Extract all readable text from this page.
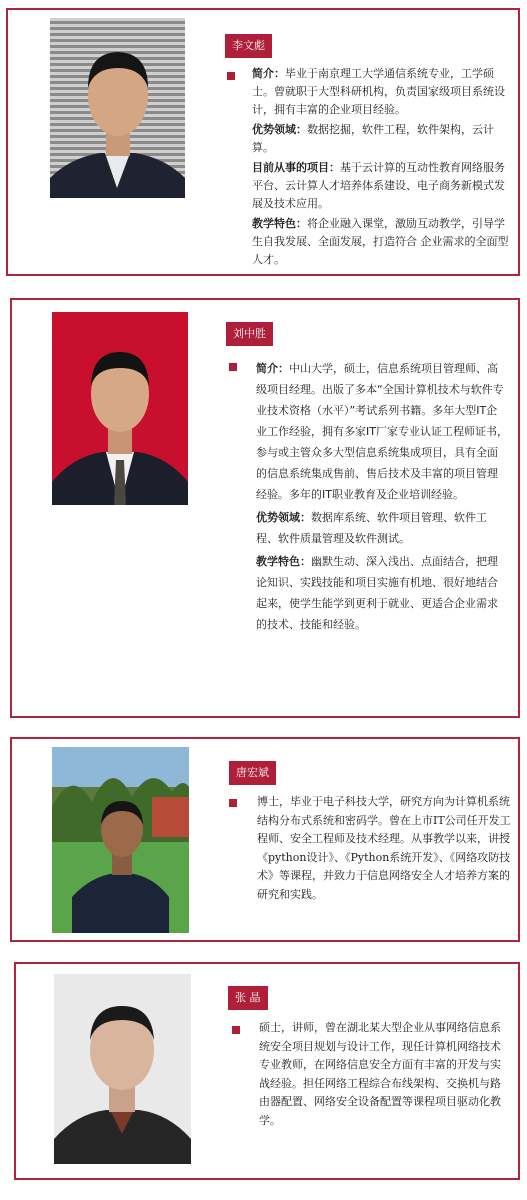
李文彪

简介：毕业于南京理工大学通信系统专业，工学硕士。曾就职于大型科研机构，负责国家级项目系统设计，拥有丰富的企业项目经验。

优势领域：数据挖掘，软件工程，软件架构，云计算。

目前从事的项目：基于云计算的互动性教育网络服务平台、云计算人才培养体系建设、电子商务新模式发展及技术应用。

教学特色：将企业融入课堂，激励互动教学，引导学生自我发展、全面发展，打造符合 企业需求的全面型人才。

刘中胜

简介：中山大学，硕士，信息系统项目管理师、高级项目经理。出版了多本“全国计算机技术与软件专业技术资格（水平）”考试系列书籍。多年大型IT企业工作经验，拥有多家IT厂家专业认证工程师证书，参与或主管众多大型信息系统集成项目，具有全面的信息系统集成售前、售后技术及丰富的项目管理经验。多年的IT职业教育及企业培训经验。

优势领域：数据库系统、软件项目管理、软件工程、软件质量管理及软件测试。

教学特色：幽默生动、深入浅出、点面结合，把理论知识、实践技能和项目实施有机地、很好地结合起来，使学生能学到更利于就业、更适合企业需求的技术、技能和经验。

唐宏斌

博士，毕业于电子科技大学，研究方向为计算机系统结构分布式系统和密码学。曾在上市IT公司任开发工程师、安全工程师及技术经理。从事教学以来，讲授《python设计》、《Python系统开发》、《网络攻防技术》等课程，并致力于信息网络安全人才培养方案的研究和实践。

张 晶

硕士，讲师，曾在湖北某大型企业从事网络信息系统安全项目规划与设计工作，现任计算机网络技术专业教师，在网络信息安全方面有丰富的开发与实战经验。担任网络工程综合布线架构、交换机与路由器配置、网络安全设备配置等课程项目驱动化教学。
